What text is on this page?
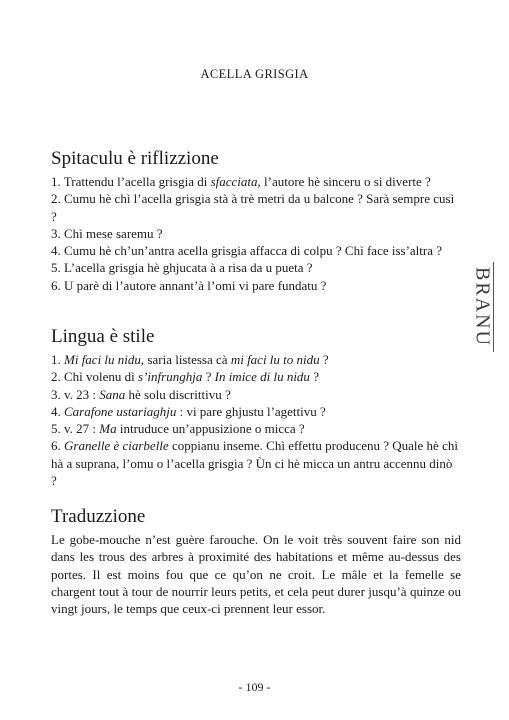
ACELLA GRISGIA
Spitaculu è riflizzione

1. Trattendu l’acella grisgia di sfacciata, l’autore hè sinceru o si diverte ?

2. Cumu hè chì l’acella grisgia stà à trè metri da u balcone ? Sarà sempre cusì ?

3. Chì mese saremu ?

4. Cumu hè ch’un’antra acella grisgia affacca di colpu ? Chì face iss’altra ?

5. L’acella grisgia hè ghjucata à a risa da u pueta ?

6. U parè di l’autore annant’à l’omi vi pare fundatu ?

Lingua è stile

1. Mi faci lu nidu, saria listessa cà mi faci lu to nidu ?

2. Chì volenu dì s’infrunghja ? In imice di lu nidu ?

3. v. 23 : Sana hè solu discrittivu ?

4. Carafone ustariaghju : vi pare ghjustu l’agettivu ?

5. v. 27 : Ma intruduce un’appusizione o micca ?

6. Granelle è ciarbelle coppianu inseme. Chì effettu producenu ? Quale hè chì hà a suprana, l’omu o l’acella grisgia ? Ùn ci hè micca un antru accennu dinò ?

Traduzzione

Le gobe-mouche n’est guère farouche. On le voit très souvent faire son nid dans les trous des arbres à proximité des habitations et même au-dessus des portes. Il est moins fou que ce qu’on ne croit. Le mâle et la femelle se chargent tout à tour de nourrir leurs petits, et cela peut durer jusqu’à quinze ou vingt jours, le temps que ceux-ci prennent leur essor.

BRANU
- 109 -
